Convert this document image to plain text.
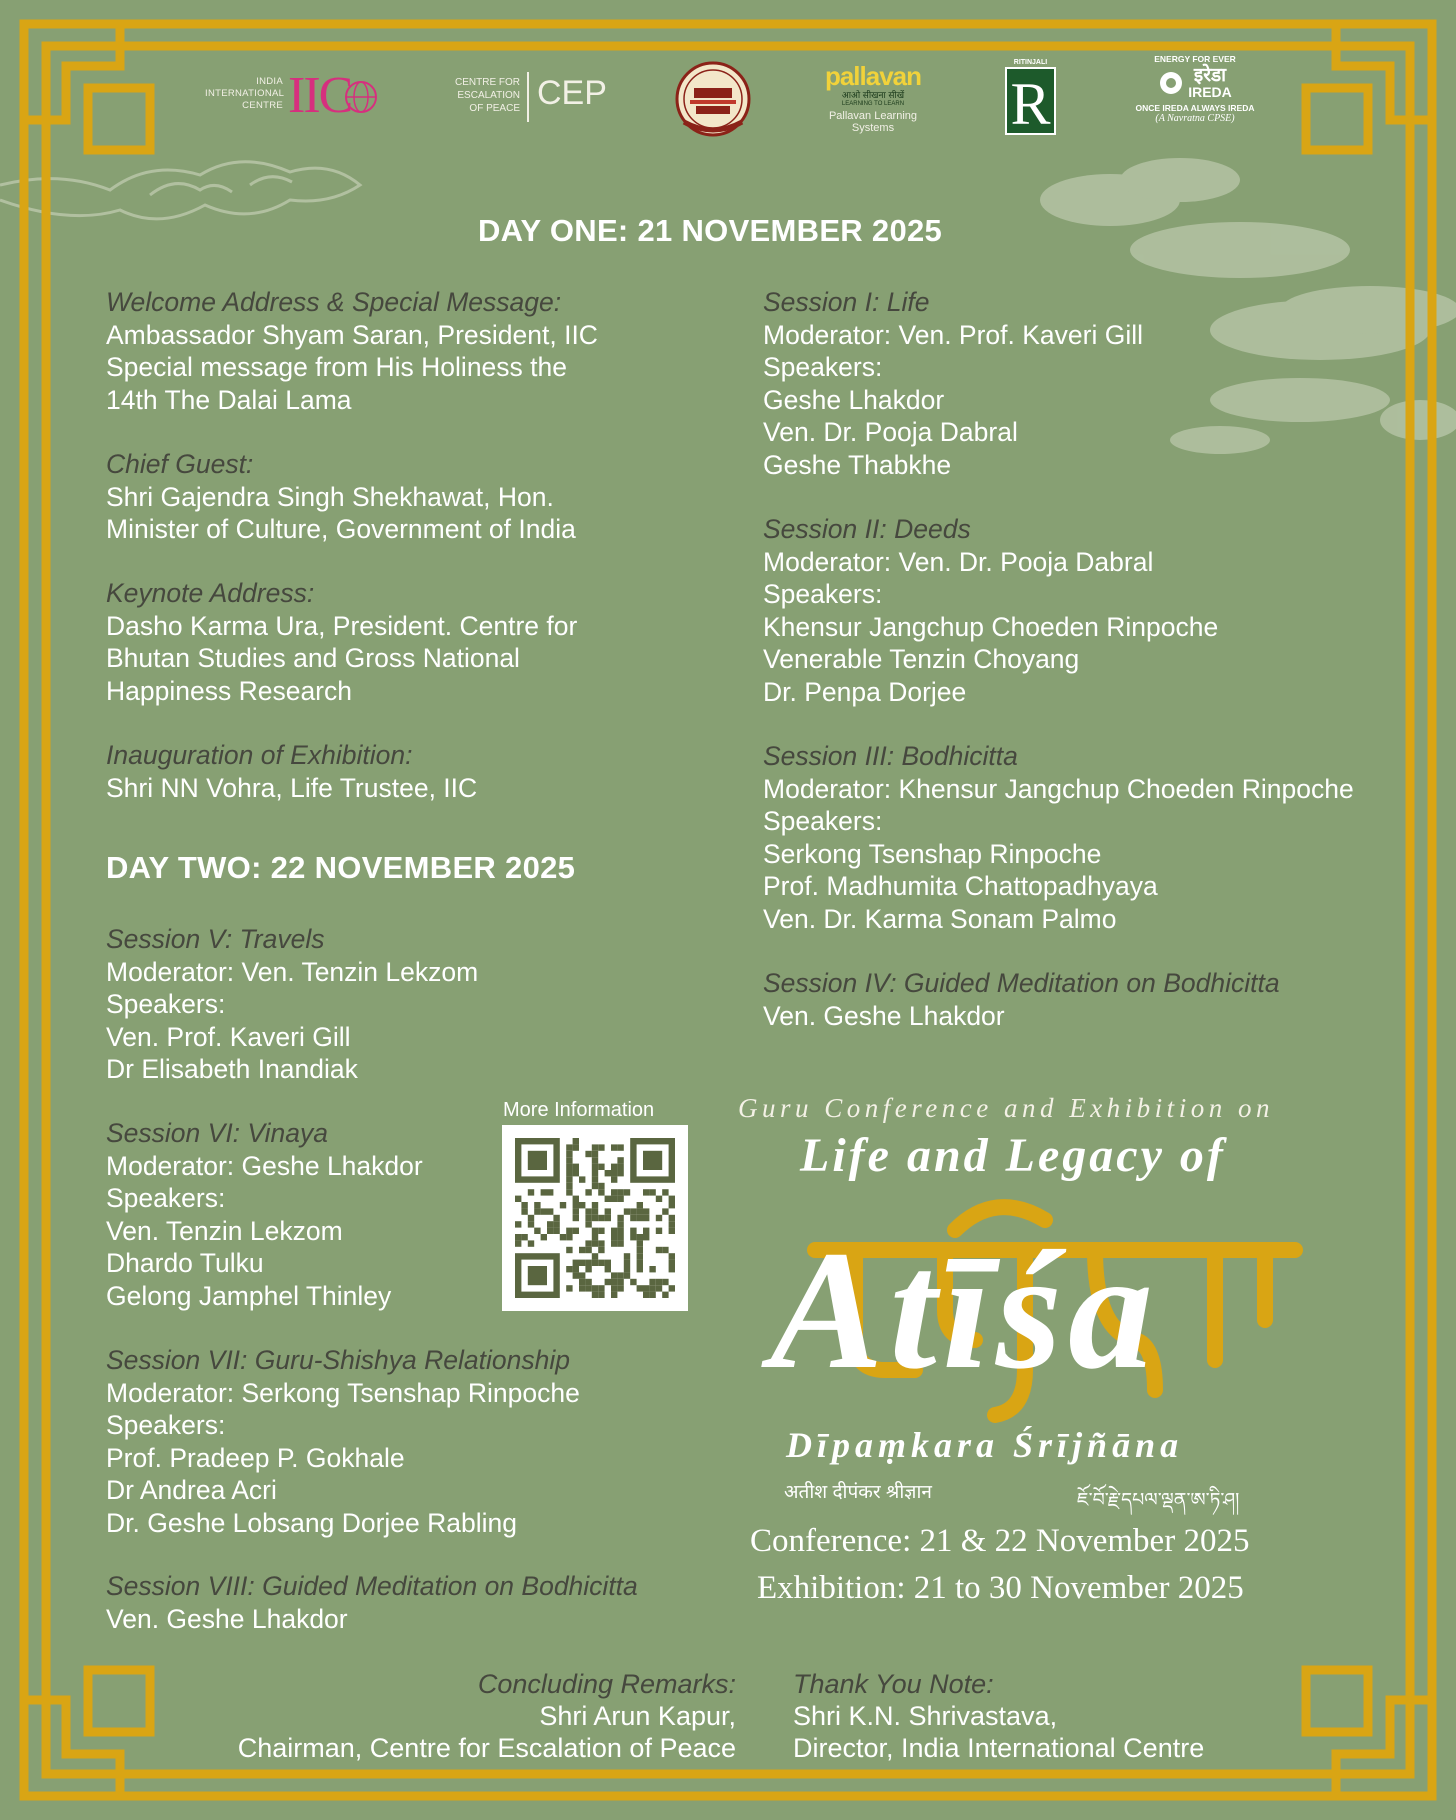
INDIA INTERNATIONAL CENTRE IIC	CENTRE FOR ESCALATION OF PEACE CEP	pallavan
आओ सीखना सीखें
LEARNING TO LEARN
Pallavan Learning Systems
RITINJALI
R
ENERGY FOR EVER
इरेडा
IREDA
ONCE IREDA ALWAYS IREDA
(A Navratna CPSE)
DAY ONE: 21 NOVEMBER 2025
Welcome Address & Special Message:
Ambassador Shyam Saran, President, IIC
Special message from His Holiness the
14th The Dalai Lama
Chief Guest:
Shri Gajendra Singh Shekhawat, Hon.
Minister of Culture, Government of India
Keynote Address:
Dasho Karma Ura, President. Centre for
Bhutan Studies and Gross National
Happiness Research
Inauguration of Exhibition:
Shri NN Vohra, Life Trustee, IIC
Session I: Life
Moderator: Ven. Prof. Kaveri Gill
Speakers:
Geshe Lhakdor
Ven. Dr. Pooja Dabral
Geshe Thabkhe
Session II: Deeds
Moderator: Ven. Dr. Pooja Dabral
Speakers:
Khensur Jangchup Choeden Rinpoche
Venerable Tenzin Choyang
Dr. Penpa Dorjee
Session III: Bodhicitta
Moderator: Khensur Jangchup Choeden Rinpoche
Speakers:
Serkong Tsenshap Rinpoche
Prof. Madhumita Chattopadhyaya
Ven. Dr. Karma Sonam Palmo
Session IV: Guided Meditation on Bodhicitta
Ven. Geshe Lhakdor
DAY TWO: 22 NOVEMBER 2025
Session V: Travels
Moderator: Ven. Tenzin Lekzom
Speakers:
Ven. Prof. Kaveri Gill
Dr Elisabeth Inandiak
Session VI: Vinaya
Moderator: Geshe Lhakdor
Speakers:
Ven. Tenzin Lekzom
Dhardo Tulku
Gelong Jamphel Thinley
Session VII: Guru-Shishya Relationship
Moderator: Serkong Tsenshap Rinpoche
Speakers:
Prof. Pradeep P. Gokhale
Dr Andrea Acri
Dr. Geshe Lobsang Dorjee Rabling
Session VIII: Guided Meditation on Bodhicitta
Ven. Geshe Lhakdor
More Information	Guru Conference and Exhibition on
Life and Legacy of
Atīśa
Dīpaṃkara Śrījñāna
अतीश दीपंकर श्रीज्ञान	ཇོ་བོ་རྗེ་དཔལ་ལྡན་ཨ་ཏི་ཤ།
Conference: 21 & 22 November 2025
Exhibition: 21 to 30 November 2025
Concluding Remarks:
Shri Arun Kapur,
Chairman, Centre for Escalation of Peace
Thank You Note:
Shri K.N. Shrivastava,
Director, India International Centre
